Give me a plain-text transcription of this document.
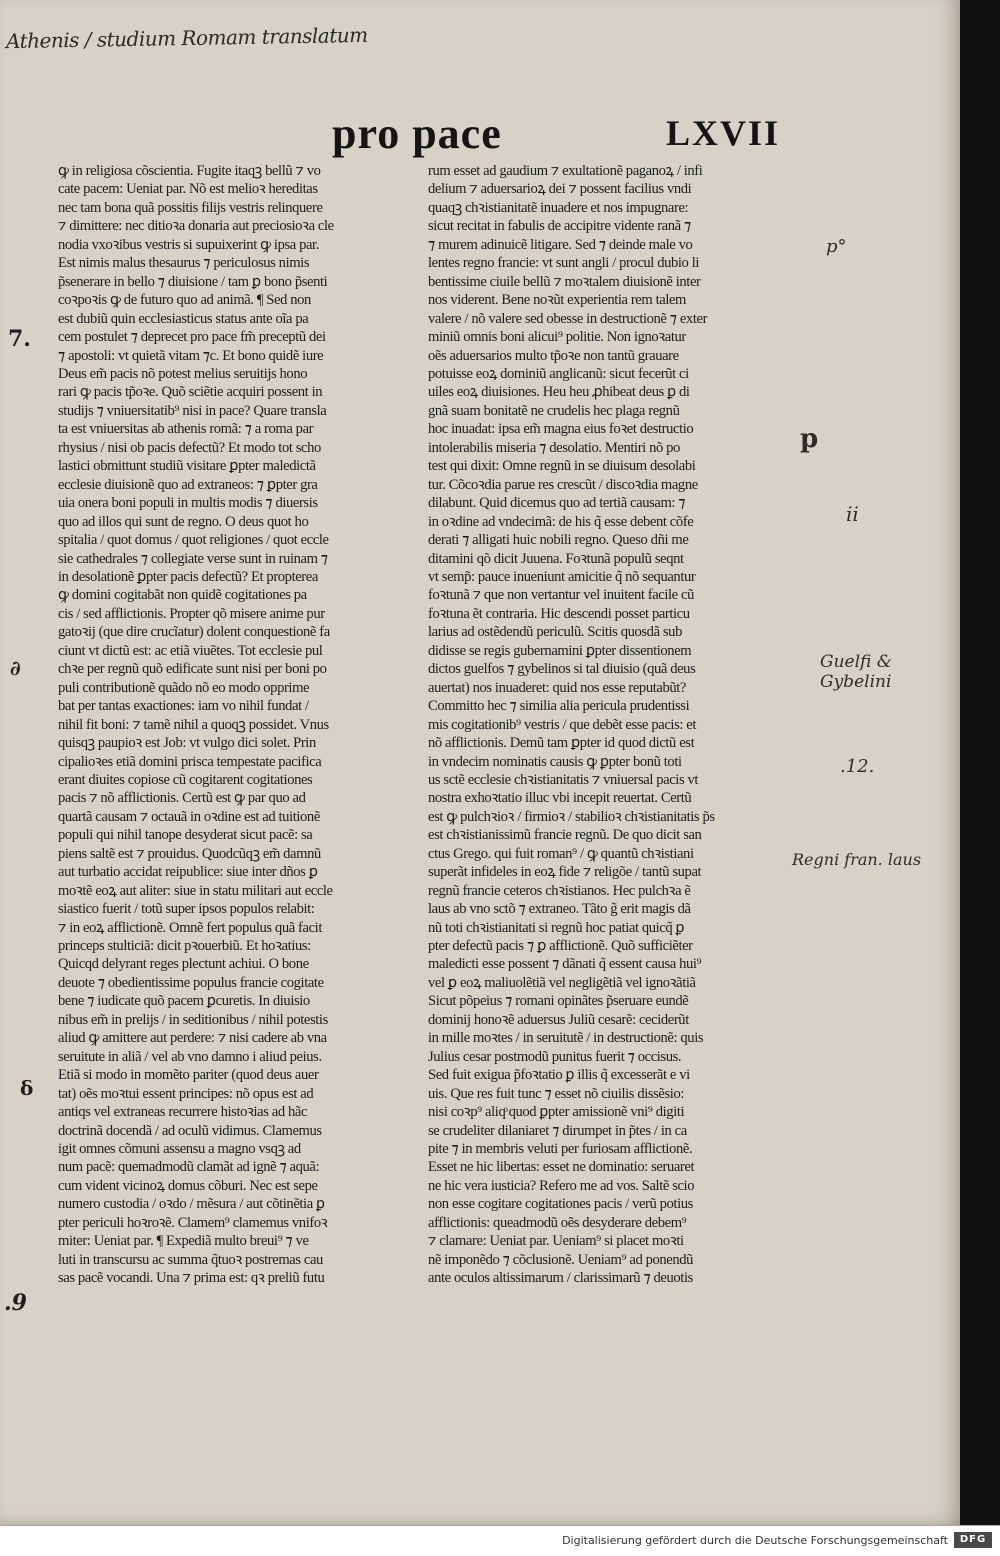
Athenis / studium Romam translatum
pro pace	LXVII
ꝙ in religiosa cõscientia. Fugite itaqꝫ bellũ ⁊ vo
cate pacem: Ueniat par. Nõ est melioꝛ hereditas
nec tam bona quã possitis filijs vestris relinquere
⁊ dimittere: nec ditioꝛa donaria aut preciosioꝛa cle
nodia vxoꝛibus vestris si supuixerint ꝙ ipsa par.
Est nimis malus thesaurus ⁊ periculosus nimis
p̃senerare in bello ⁊ diuisione / tam ꝑ bono p̃senti
coꝛpoꝛis ꝙ de futuro quo ad animã. ¶ Sed non
est dubiũ quin ecclesiasticus status ante oĩa pa
cem postulet ⁊ deprecet pro pace fm̃ preceptũ dei
⁊ apostoli: vt quietã vitam ⁊c. Et bono quidẽ iure
Deus em̃ pacis nõ potest melius seruitijs hono
rari ꝙ pacis tp̃oꝛe. Quõ sciẽtie acquiri possent in
studijs ⁊ vniuersitatib⁹ nisi in pace? Quare transla
ta est vniuersitas ab athenis romã: ⁊ a roma par
rhysius / nisi ob pacis defectũ? Et modo tot scho
lastici obmittunt studiũ visitare ꝑpter maledictã
ecclesie diuisionẽ quo ad extraneos: ⁊ ꝑpter gra
uia onera boni populi in multis modis ⁊ diuersis
quo ad illos qui sunt de regno. O deus quot ho
spitalia / quot domus / quot religiones / quot eccle
sie cathedrales ⁊ collegiate verse sunt in ruinam ⁊
in desolationẽ ꝑpter pacis defectũ? Et propterea
ꝙ domini cogitabãt non quidẽ cogitationes pa
cis / sed afflictionis. Propter qõ misere anime pur
gatoꝛij (que dire crucĩatur) dolent conquestionẽ fa
ciunt vt dictũ est: ac etiã viuẽtes. Tot ecclesie pul
chꝛe per regnũ quõ edificate sunt nisi per boni po
puli contributionẽ quãdo nõ eo modo opprime
bat per tantas exactiones: iam vo nihil fundat /
nihil fit boni: ⁊ tamẽ nihil a quoqꝫ possidet. Vnus
quisqꝫ paupioꝛ est Job: vt vulgo dici solet. Prin
cipalioꝛes etiã domini prisca tempestate pacifica
erant diuites copiose cũ cogitarent cogitationes
pacis ⁊ nõ afflictionis. Certũ est ꝙ par quo ad
quartã causam ⁊ octauã in oꝛdine est ad tuitionẽ
populi qui nihil tanope desyderat sicut pacẽ: sa
piens saltẽ est ⁊ prouidus. Quodcũqꝫ em̃ damnũ
aut turbatio accidat reipublice: siue inter dños ꝑ
moꝛtẽ eoꝝ aut aliter: siue in statu militari aut eccle
siastico fuerit / totũ super ipsos populos relabit:
⁊ in eoꝝ afflictionẽ. Omnẽ fert populus quã facit
princeps stulticiã: dicit pꝛouerbiũ. Et hoꝛatius:
Quicqd delyrant reges plectunt achiui. O bone
deuote ⁊ obedientissime populus francie cogitate
bene ⁊ iudicate quõ pacem ꝑcuretis. In diuisio
nibus em̃ in prelijs / in seditionibus / nihil potestis
aliud ꝙ amittere aut perdere: ⁊ nisi cadere ab vna
seruitute in aliã / vel ab vno damno i aliud peius.
Etiã si modo in momẽto pariter (quod deus auer
tat) oẽs moꝛtui essent principes: nõ opus est ad
antiqs vel extraneas recurrere histoꝛias ad hãc
doctrinã docendã / ad oculũ vidimus. Clamemus
igit omnes cõmuni assensu a magno vsqꝫ ad
num pacẽ: quemadmodũ clamãt ad ignẽ ⁊ aquã:
cum vident vicinoꝝ domus cõburi. Nec est sepe
numero custodia / oꝛdo / mẽsura / aut cõtinẽtia ꝑ
pter periculi hoꝛroꝛẽ. Clamem⁹ clamemus vnifoꝛ
miter: Ueniat par. ¶ Expediã multo breui⁹ ⁊ ve
luti in transcursu ac summa q̃tuoꝛ postremas cau
sas pacẽ vocandi. Una ⁊ prima est: qꝛ preliũ futu
rum esset ad gaudium ⁊ exultationẽ paganoꝝ / infi
delium ⁊ aduersarioꝝ dei ⁊ possent facilius vndi
quaqꝫ chꝛistianitatẽ inuadere et nos impugnare:
sicut recitat in fabulis de accipitre vidente ranã ⁊
⁊ murem adinuicẽ litigare. Sed ⁊ deinde male vo
lentes regno francie: vt sunt angli / procul dubio li
bentissime ciuile bellũ ⁊ moꝛtalem diuisionẽ inter
nos viderent. Bene noꝛũt experientia rem talem
valere / nõ valere sed obesse in destructionẽ ⁊ exter
miniũ omnis boni alicui⁹ politie. Non ignoꝛatur
oẽs aduersarios multo tp̃oꝛe non tantũ grauare
potuisse eoꝝ dominiũ anglicanũ: sicut fecerũt ci
uiles eoꝝ diuisiones. Heu heu ꝓhibeat deus ꝑ di
gnã suam bonitatẽ ne crudelis hec plaga regnũ
hoc inuadat: ipsa em̃ magna eius foꝛet destructio
intolerabilis miseria ⁊ desolatio. Mentiri nõ po
test qui dixit: Omne regnũ in se diuisum desolabi
tur. Cõcoꝛdia parue res crescũt / discoꝛdia magne
dilabunt. Quid dicemus quo ad tertiã causam: ⁊
in oꝛdine ad vndecimã: de his q̃ esse debent cõfe
derati ⁊ alligati huic nobili regno. Queso dñi me
ditamini qõ dicit Juuena. Foꝛtunã populũ seqnt
vt semp̃: pauce inueniunt amicitie q̃ nõ sequantur
foꝛtunã ⁊ que non vertantur vel inuitent facile cũ
foꝛtuna ẽt contraria. Hic descendi posset particu
larius ad ostẽdendũ periculũ. Scitis quosdã sub
didisse se regis gubernamini ꝑpter dissentionem
dictos guelfos ⁊ gybelinos si tal diuisio (quã deus
auertat) nos inuaderet: quid nos esse reputabũt?
Committo hec ⁊ similia alia pericula prudentissi
mis cogitationib⁹ vestris / que debẽt esse pacis: et
nõ afflictionis. Demũ tam ꝑpter id quod dictũ est
in vndecim nominatis causis ꝙ ꝑpter bonũ toti
us sctẽ ecclesie chꝛistianitatis ⁊ vniuersal pacis vt
nostra exhoꝛtatio illuc vbi incepit reuertat. Certũ
est ꝙ pulchꝛioꝛ / firmioꝛ / stabilioꝛ chꝛistianitatis p̃s
est chꝛistianissimũ francie regnũ. De quo dicit san
ctus Grego. qui fuit roman⁹ / ꝙ quantũ chꝛistiani
superãt infideles in eoꝝ fide ⁊ religõe / tantũ supat
regnũ francie ceteros chꝛistianos. Hec pulchꝛa ẽ
laus ab vno sctõ ⁊ extraneo. Tãto g̃ erit magis dã
nũ toti chꝛistianitati si regnũ hoc patiat quicq̃ ꝑ
pter defectũ pacis ⁊ ꝑ afflictionẽ. Quõ sufficiẽter
maledicti esse possent ⁊ dãnati q̃ essent causa hui⁹
vel ꝑ eoꝝ maliuolẽtiã vel negligẽtiã vel ignoꝛãtiã
Sicut põpeius ⁊ romani opinãtes p̃seruare eundẽ
dominij honoꝛẽ aduersus Juliũ cesarẽ: ceciderũt
in mille moꝛtes / in seruitutẽ / in destructionẽ: quis
Julius cesar postmodũ punitus fuerit ⁊ occisus.
Sed fuit exigua p̃foꝛtatio ꝑ illis q̃ excesserãt e vi
uis. Que res fuit tunc ⁊ esset nõ ciuilis dissẽsio:
nisi coꝛp⁹ aliqͦ quod ꝑpter amissionẽ vni⁹ digiti
se crudeliter dilaniaret ⁊ dirumpet in p̃tes / in ca
pite ⁊ in membris veluti per furiosam afflictionẽ.
Esset ne hic libertas: esset ne dominatio: seruaret
ne hic vera iusticia? Refero me ad vos. Saltẽ scio
non esse cogitare cogitationes pacis / verũ potius
afflictionis: queadmodũ oẽs desyderare debem⁹
⁊ clamare: Ueniat par. Ueniam⁹ si placet moꝛti
nẽ imponẽdo ⁊ cõclusionẽ. Ueniam⁹ ad ponendũ
ante oculos altissimarum / clarissimarũ ⁊ deuotis
p°
p
ii
Guelfi & Gybelini
.12.
Regni fran. laus
7.
∂
δ
.9
Digitalisierung gefördert durch die Deutsche Forschungsgemeinschaft	DFG
